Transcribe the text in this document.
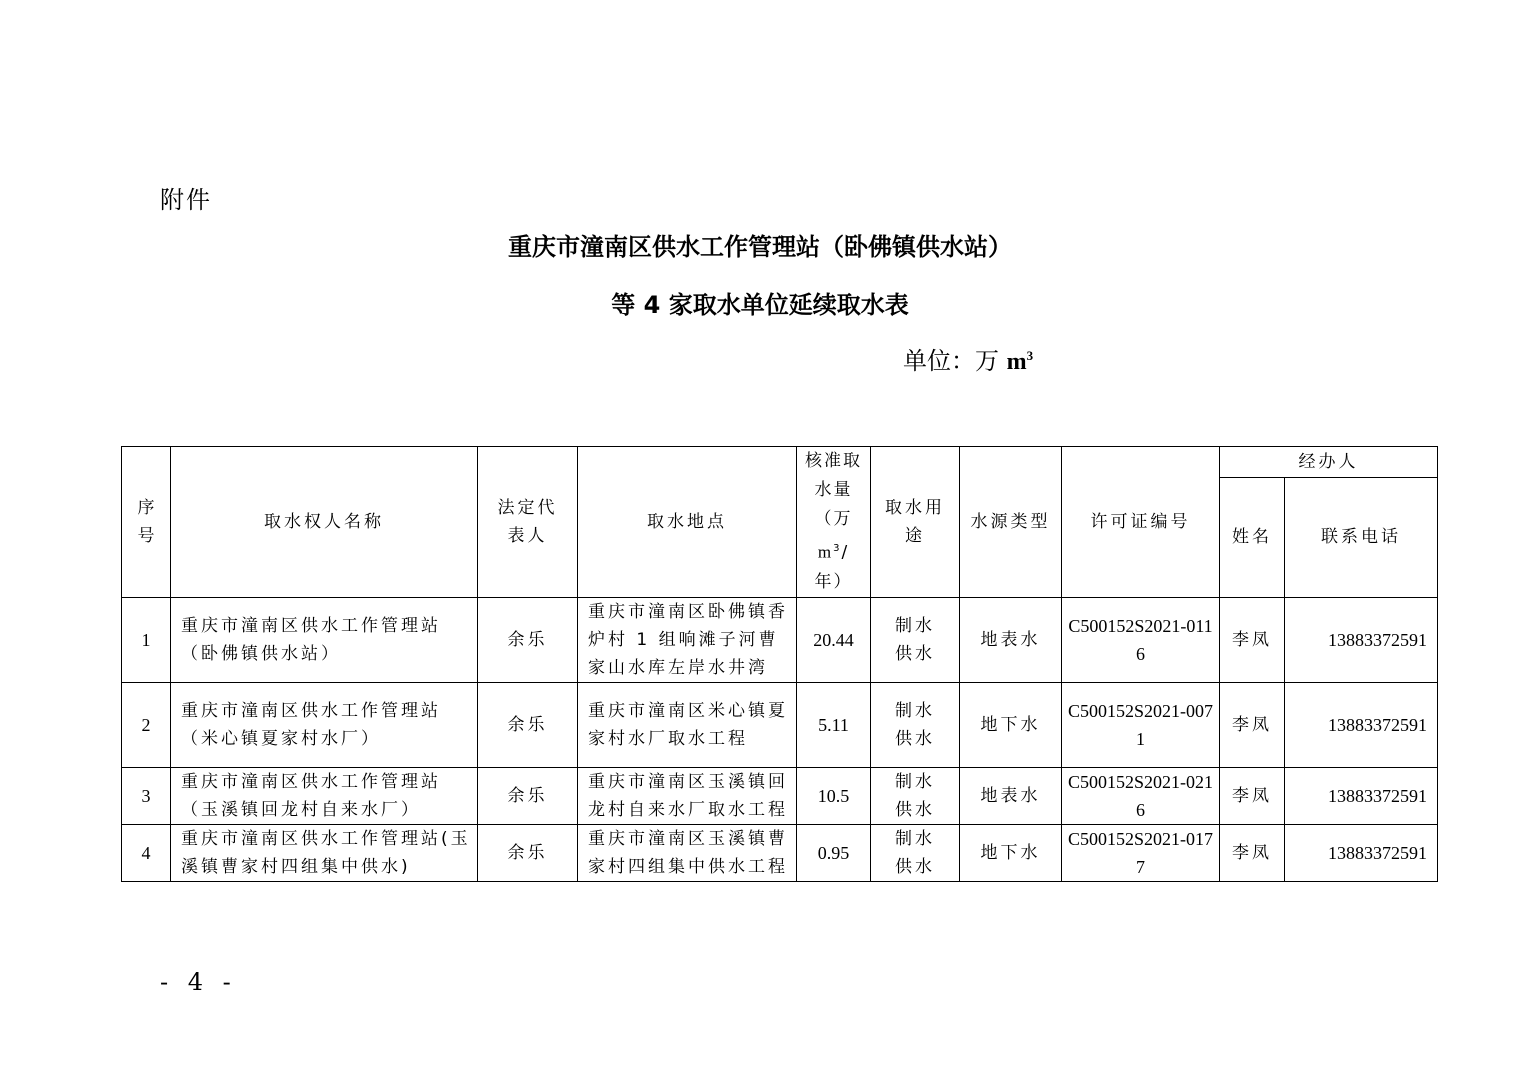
附件
重庆市潼南区供水工作管理站（卧佛镇供水站）
等 4 家取水单位延续取水表
单位：万 $m^3$
序号	取水权人名称	法定代表人	取水地点	核准取水量（万$m^3/$年）	取水用途	水源类型	许可证编号	经办人	
								姓名	联系电话
1	重庆市潼南区供水工作管理站（卧佛镇供水站）	余乐	重庆市潼南区卧佛镇香炉村 1 组响滩子河曹家山水库左岸水井湾	20.44	制水供水	地表水	C500152S2021-0116	李凤	13883372591
2	重庆市潼南区供水工作管理站（米心镇夏家村水厂）	余乐	重庆市潼南区米心镇夏家村水厂取水工程	5.11	制水供水	地下水	C500152S2021-0071	李凤	13883372591
3	重庆市潼南区供水工作管理站（玉溪镇回龙村自来水厂）	余乐	重庆市潼南区玉溪镇回龙村自来水厂取水工程	10.5	制水供水	地表水	C500152S2021-0216	李凤	13883372591
4	重庆市潼南区供水工作管理站(玉溪镇曹家村四组集中供水)	余乐	重庆市潼南区玉溪镇曹家村四组集中供水工程	0.95	制水供水	地下水	C500152S2021-0177	李凤	13883372591
- 4 -
